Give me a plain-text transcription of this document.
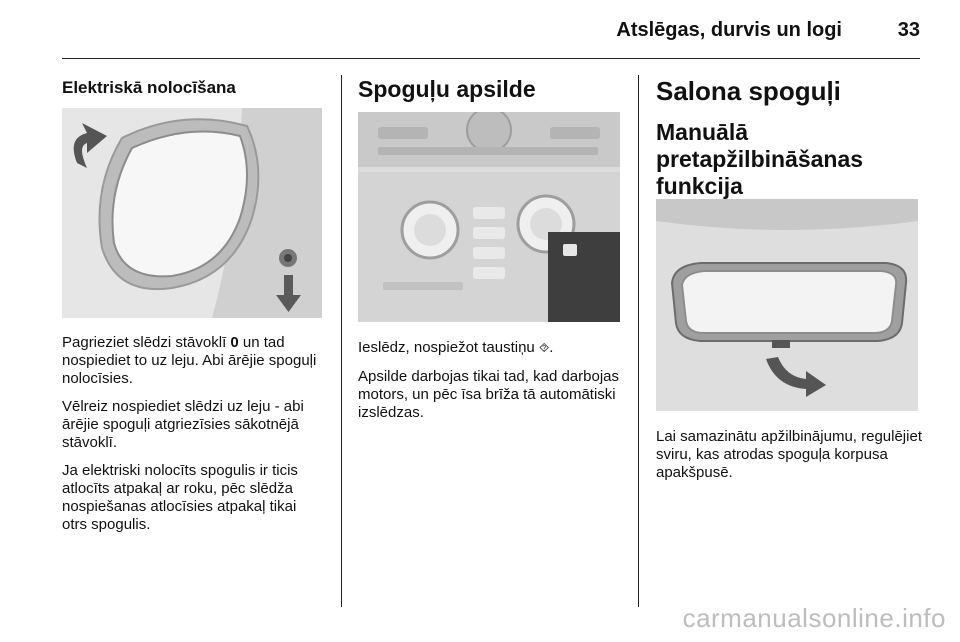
Atslēgas, durvis un logi	33
Elektriskā nolocīšana

Pagrieziet slēdzi stāvoklī 0 un tad nospiediet to uz leju. Abi ārējie spoguļi nolocīsies.

Vēlreiz nospiediet slēdzi uz leju - abi ārējie spoguļi atgriezīsies sākotnējā stāvoklī.

Ja elektriski nolocīts spogulis ir ticis atlocīts atpakaļ ar roku, pēc slēdža nospiešanas atlocīsies atpakaļ tikai otrs spogulis.

Spoguļu apsilde

Ieslēdz, nospiežot taustiņu ⯑.

Apsilde darbojas tikai tad, kad darbojas motors, un pēc īsa brīža tā automātiski izslēdzas.

Salona spoguļi
Manuālā pretapžilbināšanas funkcija

Lai samazinātu apžilbinājumu, regulējiet sviru, kas atrodas spoguļa korpusa apakšpusē.

carmanualsonline.info
